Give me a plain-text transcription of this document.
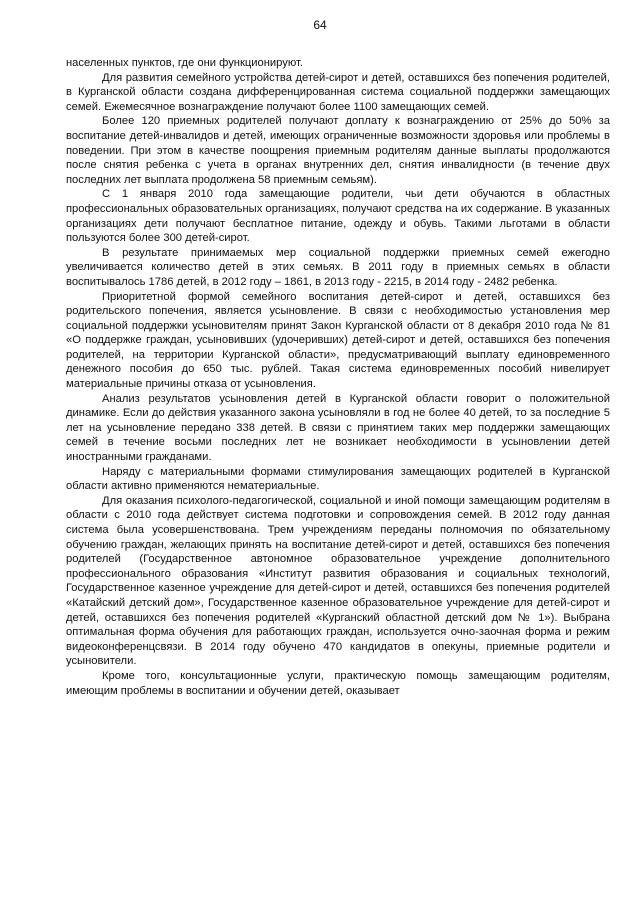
64

населенных пунктов, где они функционируют.

Для развития семейного устройства детей-сирот и детей, оставшихся без попечения родителей, в Курганской области создана дифференцированная система социальной поддержки замещающих семей. Ежемесячное вознаграждение получают более 1100 замещающих семей.

Более 120 приемных родителей получают доплату к вознаграждению от 25% до 50% за воспитание детей-инвалидов и детей, имеющих ограниченные возможности здоровья или проблемы в поведении. При этом в качестве поощрения приемным родителям данные выплаты продолжаются после снятия ребенка с учета в органах внутренних дел, снятия инвалидности (в течение двух последних лет выплата продолжена 58 приемным семьям).

С 1 января 2010 года замещающие родители, чьи дети обучаются в областных профессиональных образовательных организациях, получают средства на их содержание. В указанных организациях дети получают бесплатное питание, одежду и обувь. Такими льготами в области пользуются более 300 детей-сирот.

В результате принимаемых мер социальной поддержки приемных семей ежегодно увеличивается количество детей в этих семьях. В 2011 году в приемных семьях в области воспитывалось 1786 детей, в 2012 году – 1861, в 2013 году - 2215, в 2014 году - 2482 ребенка.

Приоритетной формой семейного воспитания детей-сирот и детей, оставшихся без родительского попечения, является усыновление. В связи с необходимостью установления мер социальной поддержки усыновителям принят Закон Курганской области от 8 декабря 2010 года № 81 «О поддержке граждан, усыновивших (удочеривших) детей-сирот и детей, оставшихся без попечения родителей, на территории Курганской области», предусматривающий выплату единовременного денежного пособия до 650 тыс. рублей. Такая система единовременных пособий нивелирует материальные причины отказа от усыновления.

Анализ результатов усыновления детей в Курганской области говорит о положительной динамике. Если до действия указанного закона усыновляли в год не более 40 детей, то за последние 5 лет на усыновление передано 338 детей. В связи с принятием таких мер поддержки замещающих семей в течение восьми последних лет не возникает необходимости в усыновлении детей иностранными гражданами.

Наряду с материальными формами стимулирования замещающих родителей в Курганской области активно применяются нематериальные.

Для оказания психолого-педагогической, социальной и иной помощи замещающим родителям в области с 2010 года действует система подготовки и сопровождения семей. В 2012 году данная система была усовершенствована. Трем учреждениям переданы полномочия по обязательному обучению граждан, желающих принять на воспитание детей-сирот и детей, оставшихся без попечения родителей (Государственное автономное образовательное учреждение дополнительного профессионального образования «Институт развития образования и социальных технологий, Государственное казенное учреждение для детей-сирот и детей, оставшихся без попечения родителей «Катайский детский дом», Государственное казенное образовательное учреждение для детей-сирот и детей, оставшихся без попечения родителей «Курганский областной детский дом № 1»). Выбрана оптимальная форма обучения для работающих граждан, используется очно-заочная форма и режим видеоконференцсвязи. В 2014 году обучено 470 кандидатов в опекуны, приемные родители и усыновители.

Кроме того, консультационные услуги, практическую помощь замещающим родителям, имеющим проблемы в воспитании и обучении детей, оказывает
